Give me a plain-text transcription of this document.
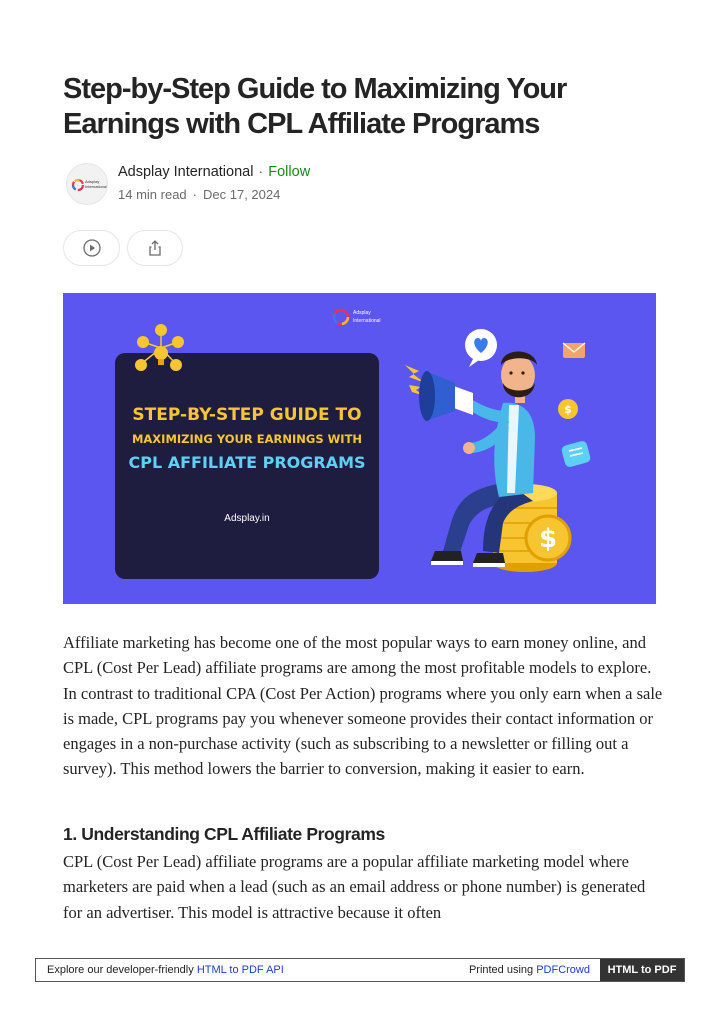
Step-by-Step Guide to Maximizing Your
Earnings with CPL Affiliate Programs
Adsplay
International
Adsplay International · Follow
14 min read · Dec 17, 2024
Adsplay
International
STEP-BY-STEP GUIDE TO
MAXIMIZING YOUR EARNINGS WITH
CPL AFFILIATE PROGRAMS
Adsplay.in
$
$
Affiliate marketing has become one of the most popular ways to earn money online, and CPL (Cost Per Lead) affiliate programs are among the most profitable models to explore. In contrast to traditional CPA (Cost Per Action) programs where you only earn when a sale is made, CPL programs pay you whenever someone provides their contact information or engages in a non-purchase activity (such as subscribing to a newsletter or filling out a survey). This method lowers the barrier to conversion, making it easier to earn.
1. Understanding CPL Affiliate Programs
CPL (Cost Per Lead) affiliate programs are a popular affiliate marketing model where marketers are paid when a lead (such as an email address or phone number) is generated for an advertiser. This model is attractive because it often
Explore our developer-friendly HTML to PDF API	Printed using PDFCrowd	HTML to PDF
